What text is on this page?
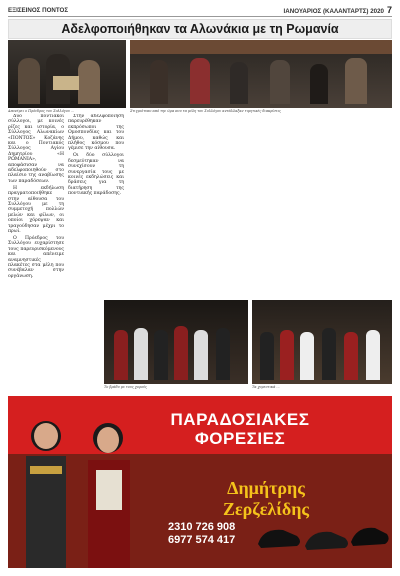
ΕΞΙΣΕΙΝΟΣ ΠΟΝΤΟΣ	ΙΑΝΟΥΑΡΙΟΣ (ΚΑΛΑΝΤΑΡΤΣ) 2020 7
Αδελφοποιήθηκαν τα Αλωνάκια με τη Ρωμανία
Απονέμει ο Πρόεδρος του Συλλόγου ...	Στιγμιότυπο από την ώρα που τα μέλη του Συλλόγου αντάλλαξαν τιμητικές διακρίσεις

Δύο ποντιακοί σύλλογοι, με κοινές ρίζες και ιστορία, ο Σύλλογος Αλωνακίων «ΠΟΝΤΟΣ» Κοζάνης και ο Ποντιακός Σύλλογος Αγίου Δημητρίου «Η ΡΩΜΑΝΙΑ», αποφάσισαν να αδελφοποιηθούν στο πλαίσιο της αναβίωσης των παραδόσεων.

Η εκδήλωση πραγματοποιήθηκε στην αίθουσα του Συλλόγου με τη συμμετοχή πολλών μελών και φίλων, οι οποίοι χόρεψαν και τραγούδησαν μέχρι το πρωί.

Ο Πρόεδρος του Συλλόγου ευχαρίστησε τους παρευρισκόμενους και απένειμε αναμνηστικές πλακέτες στα μέλη που συνέβαλαν στην οργάνωση.

Στην αδελφοποίηση παρευρέθηκαν εκπρόσωποι της Ομοσπονδίας και του Δήμου, καθώς και πλήθος κόσμου που γέμισε την αίθουσα.

Οι δύο σύλλογοι δεσμεύτηκαν να συνεχίσουν τη συνεργασία τους με κοινές εκδηλώσεις και δράσεις για τη διατήρηση της ποντιακής παράδοσης.

Το βράδυ με τους χορούς	Τα χορευτικά ...
ΠΑΡΑΔΟΣΙΑΚΕΣ
ΦΟΡΕΣΙΕΣ
Δημήτρης
Ζερζελίδης
2310 726 908
6977 574 417
